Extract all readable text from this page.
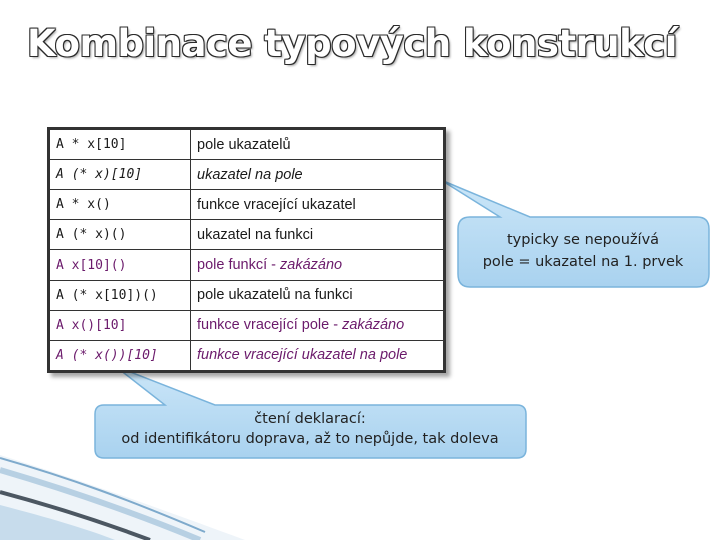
Kombinace typových konstrukcí
A * x[10]	pole ukazatelů
A (* x)[10]	ukazatel na pole
A * x()	funkce vracející ukazatel
A (* x)()	ukazatel na funkci
A x[10]()	pole funkcí - zakázáno
A (* x[10])()	pole ukazatelů na funkci
A x()[10]	funkce vracející pole - zakázáno
A (* x())[10]	funkce vracející ukazatel na pole
typicky se nepoužívá
pole = ukazatel na 1. prvek
čtení deklarací:
od identifikátoru doprava, až to nepůjde, tak doleva
